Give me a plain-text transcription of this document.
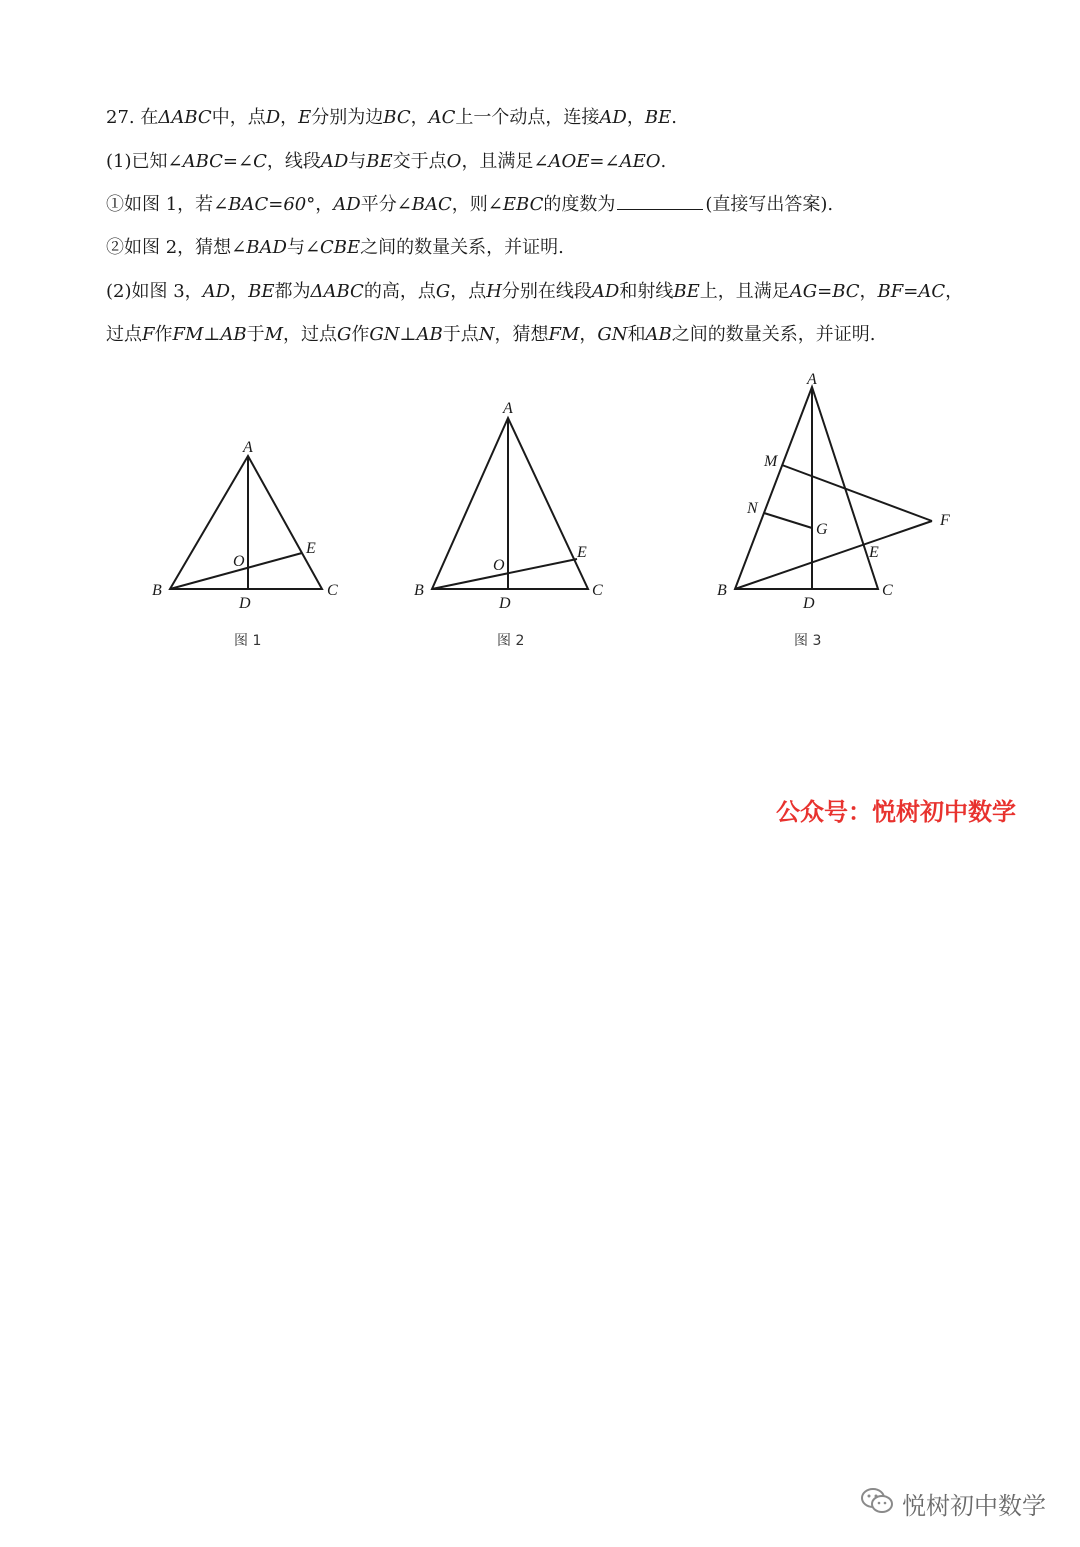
27. 在ΔABC中，点D，E分别为边BC，AC上一个动点，连接AD，BE.
(1)已知∠ABC=∠C，线段AD与BE交于点O，且满足∠AOE=∠AEO.
①如图 1，若∠BAC=60°，AD平分∠BAC，则∠EBC的度数为	(直接写出答案).
②如图 2，猜想∠BAD与∠CBE之间的数量关系，并证明.
(2)如图 3，AD，BE都为ΔABC的高，点G，点H分别在线段AD和射线BE上，且满足AG=BC，BF=AC，
过点F作FM⊥AB于M，过点G作GN⊥AB于点N，猜想FM，GN和AB之间的数量关系，并证明.
A
B	C
D
E
O
图 1
A
B	C
D
E
O
图 2
A
B	C
D
E
F
G
M
N
图 3
公众号：悦树初中数学
悦树初中数学
